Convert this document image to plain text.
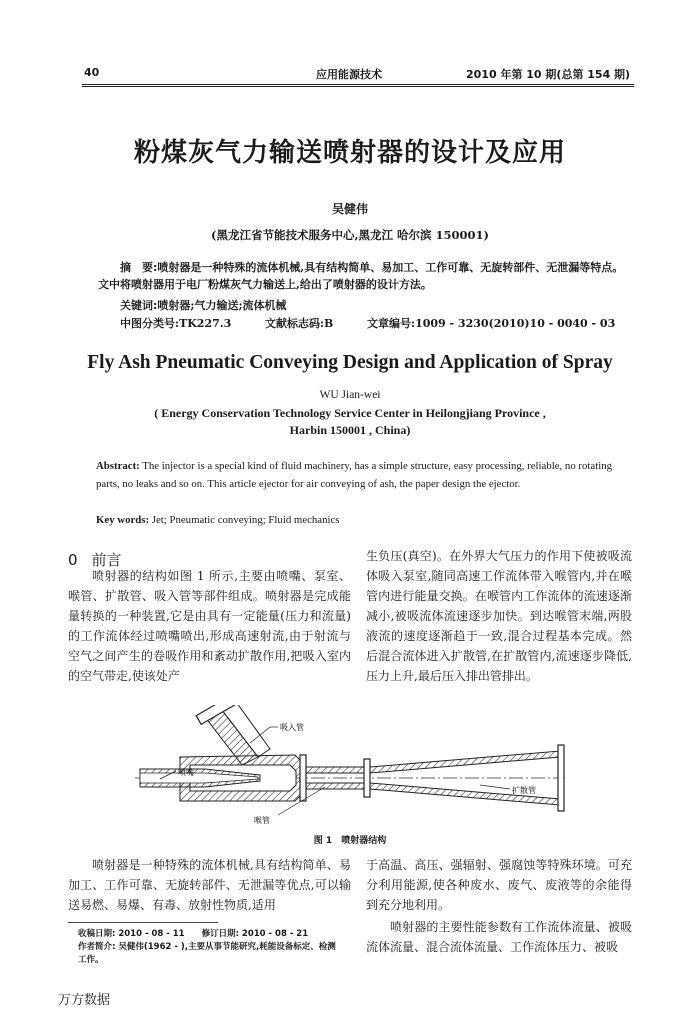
40	应用能源技术	2010 年第 10 期(总第 154 期)
粉煤灰气力输送喷射器的设计及应用
吴健伟
(黑龙江省节能技术服务中心,黑龙江 哈尔滨 150001)
摘　要:喷射器是一种特殊的流体机械,具有结构简单、易加工、工作可靠、无旋转部件、无泄漏等特点。文中将喷射器用于电厂粉煤灰气力输送上,给出了喷射器的设计方法。
关键词:喷射器;气力输送;流体机械
中图分类号:TK227.3	文献标志码:B	文章编号:1009 - 3230(2010)10 - 0040 - 03
Fly Ash Pneumatic Conveying Design and Application of Spray
WU Jian-wei
( Energy Conservation Technology Service Center in Heilongjiang Province ,
Harbin 150001 , China)
Abstract: The injector is a special kind of fluid machinery, has a simple structure, easy processing, reliable, no rotating parts, no leaks and so on. This article ejector for air conveying of ash, the paper design the ejector.
Key words: Jet; Pneumatic conveying; Fluid mechanics
0 前言
喷射器的结构如图 1 所示,主要由喷嘴、泵室、喉管、扩散管、吸入管等部件组成。喷射器是完成能量转换的一种装置,它是由具有一定能量(压力和流量)的工作流体经过喷嘴喷出,形成高速射流,由于射流与空气之间产生的卷吸作用和紊动扩散作用,把吸入室内的空气带走,使该处产
生负压(真空)。在外界大气压力的作用下使被吸流体吸入泵室,随同高速工作流体带入喉管内,并在喉管内进行能量交换。在喉管内工作流体的流速逐渐减小,被吸流体流速逐步加快。到达喉管末端,两股液流的速度逐渐趋于一致,混合过程基本完成。然后混合流体进入扩散管,在扩散管内,流速逐步降低,压力上升,最后压入排出管排出。
吸入管
喷嘴
喉管
扩散管
图 1　喷射器结构
喷射器是一种特殊的流体机械,具有结构简单、易加工、工作可靠、无旋转部件、无泄漏等优点,可以输送易燃、易爆、有毒、放射性物质,适用
于高温、高压、强辐射、强腐蚀等特殊环境。可充分利用能源,使各种废水、废气、废液等的余能得到充分地利用。
喷射器的主要性能参数有工作流体流量、被吸流体流量、混合流体流量、工作流体压力、被吸
收稿日期: 2010 - 08 - 11　　修订日期: 2010 - 08 - 21
作者简介: 吴健伟(1962 - ),主要从事节能研究,耗能设备标定、检测工作。
万方数据
